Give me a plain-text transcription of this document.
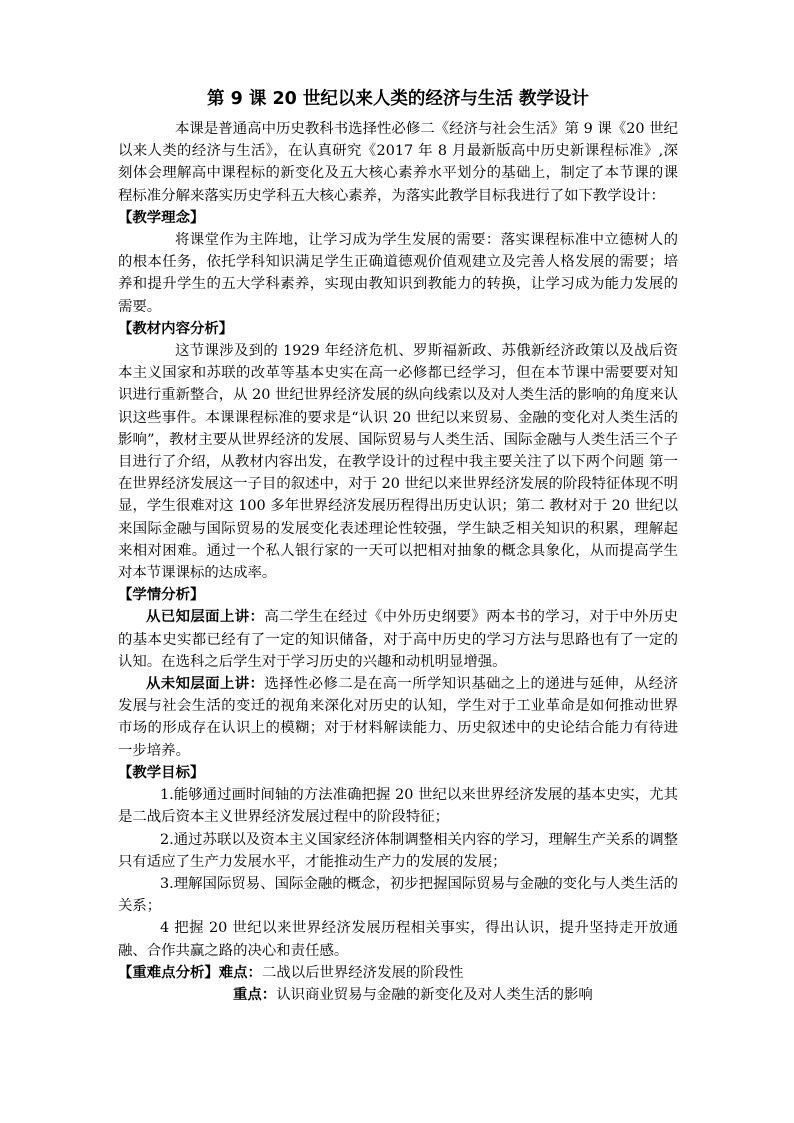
第 9 课 20 世纪以来人类的经济与生活 教学设计

本课是普通高中历史教科书选择性必修二《经济与社会生活》第 9 课《20 世纪以来人类的经济与生活》，在认真研究《2017 年 8 月最新版高中历史新课程标准》,深刻体会理解高中课程标的新变化及五大核心素养水平划分的基础上，制定了本节课的课程标准分解来落实历史学科五大核心素养，为落实此教学目标我进行了如下教学设计：

【教学理念】

将课堂作为主阵地，让学习成为学生发展的需要：落实课程标准中立德树人的的根本任务，依托学科知识满足学生正确道德观价值观建立及完善人格发展的需要；培养和提升学生的五大学科素养，实现由教知识到教能力的转换，让学习成为能力发展的需要。

【教材内容分析】

这节课涉及到的 1929 年经济危机、罗斯福新政、苏俄新经济政策以及战后资本主义国家和苏联的改革等基本史实在高一必修都已经学习，但在本节课中需要要对知识进行重新整合，从 20 世纪世界经济发展的纵向线索以及对人类生活的影响的角度来认识这些事件。本课课程标准的要求是“认识 20 世纪以来贸易、金融的变化对人类生活的影响”，教材主要从世界经济的发展、国际贸易与人类生活、国际金融与人类生活三个子目进行了介绍，从教材内容出发，在教学设计的过程中我主要关注了以下两个问题 第一 在世界经济发展这一子目的叙述中，对于 20 世纪以来世界经济发展的阶段特征体现不明显，学生很难对这 100 多年世界经济发展历程得出历史认识；第二 教材对于 20 世纪以来国际金融与国际贸易的发展变化表述理论性较强，学生缺乏相关知识的积累，理解起来相对困难。通过一个私人银行家的一天可以把相对抽象的概念具象化，从而提高学生对本节课课标的达成率。

【学情分析】

从已知层面上讲：高二学生在经过《中外历史纲要》两本书的学习，对于中外历史的基本史实都已经有了一定的知识储备，对于高中历史的学习方法与思路也有了一定的认知。在选科之后学生对于学习历史的兴趣和动机明显增强。

从未知层面上讲：选择性必修二是在高一所学知识基础之上的递进与延伸，从经济发展与社会生活的变迁的视角来深化对历史的认知，学生对于工业革命是如何推动世界市场的形成存在认识上的模糊；对于材料解读能力、历史叙述中的史论结合能力有待进一步培养。

【教学目标】

1.能够通过画时间轴的方法准确把握 20 世纪以来世界经济发展的基本史实，尤其是二战后资本主义世界经济发展过程中的阶段特征；

2.通过苏联以及资本主义国家经济体制调整相关内容的学习，理解生产关系的调整只有适应了生产力发展水平，才能推动生产力的发展的发展；

3.理解国际贸易、国际金融的概念，初步把握国际贸易与金融的变化与人类生活的关系；

4 把握 20 世纪以来世界经济发展历程相关事实，得出认识，提升坚持走开放通融、合作共赢之路的决心和责任感。

【重难点分析】难点：二战以后世界经济发展的阶段性

重点：认识商业贸易与金融的新变化及对人类生活的影响
